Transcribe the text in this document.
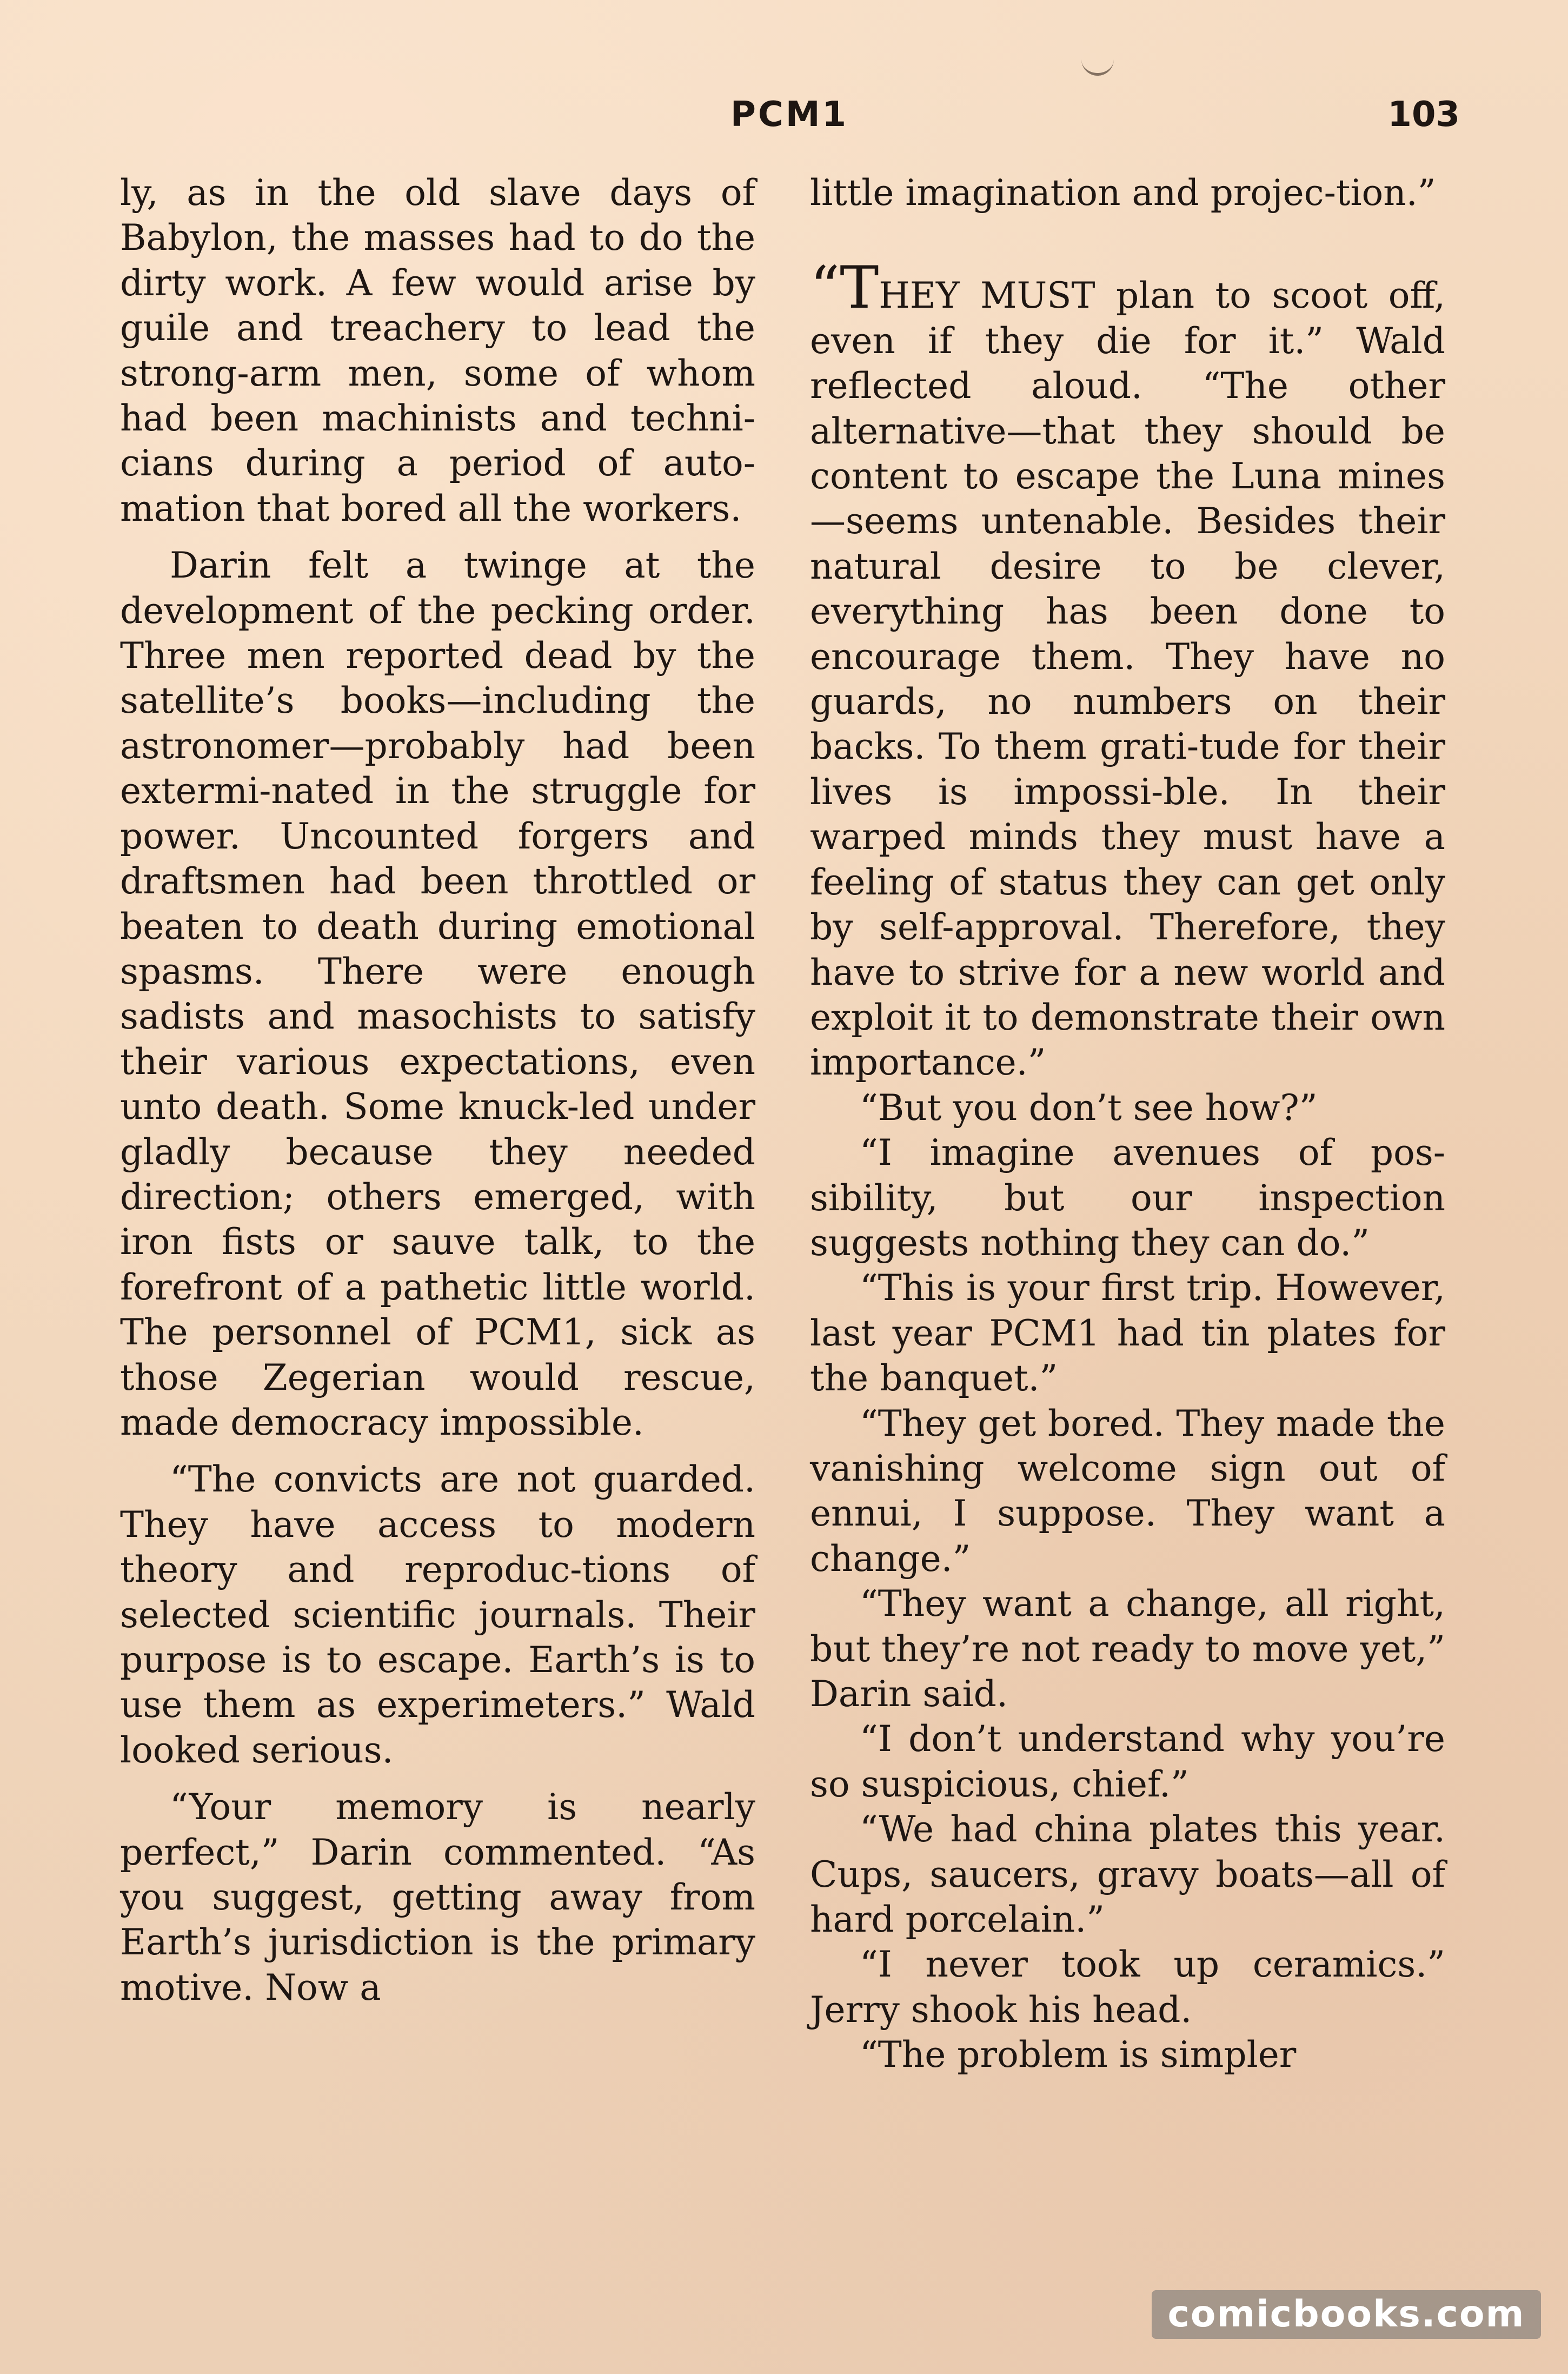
PCM1	103

ly, as in the old slave days of Babylon, the masses had to do the dirty work. A few would arise by guile and treachery to lead the strong-arm men, some of whom had been machinists and techni-cians during a period of auto-mation that bored all the workers.

Darin felt a twinge at the development of the pecking order. Three men reported dead by the satellite’s books—including the astronomer—probably had been extermi-nated in the struggle for power. Uncounted forgers and draftsmen had been throttled or beaten to death during emotional spasms. There were enough sadists and masochists to satisfy their various expectations, even unto death. Some knuck-led under gladly because they needed direction; others emerged, with iron fists or sauve talk, to the forefront of a pathetic little world. The personnel of PCM1, sick as those Zegerian would rescue, made democracy impossible.

“The convicts are not guarded. They have access to modern theory and reproduc-tions of selected scientific journals. Their purpose is to escape. Earth’s is to use them as experimeters.” Wald looked serious.

“Your memory is nearly perfect,” Darin commented. “As you suggest, getting away from Earth’s jurisdiction is the primary motive. Now a

little imagination and projec-tion.”

“THEY MUST plan to scoot off, even if they die for it.” Wald reflected aloud. “The other alternative—that they should be content to escape the Luna mines—seems untenable. Besides their natural desire to be clever, everything has been done to encourage them. They have no guards, no numbers on their backs. To them grati-tude for their lives is impossi-ble. In their warped minds they must have a feeling of status they can get only by self-approval. Therefore, they have to strive for a new world and exploit it to demonstrate their own importance.”

“But you don’t see how?”

“I imagine avenues of pos-sibility, but our inspection suggests nothing they can do.”

“This is your first trip. However, last year PCM1 had tin plates for the banquet.”

“They get bored. They made the vanishing welcome sign out of ennui, I suppose. They want a change.”

“They want a change, all right, but they’re not ready to move yet,” Darin said.

“I don’t understand why you’re so suspicious, chief.”

“We had china plates this year. Cups, saucers, gravy boats—all of hard porcelain.”

“I never took up ceramics.” Jerry shook his head.

“The problem is simpler

comicbooks.com
